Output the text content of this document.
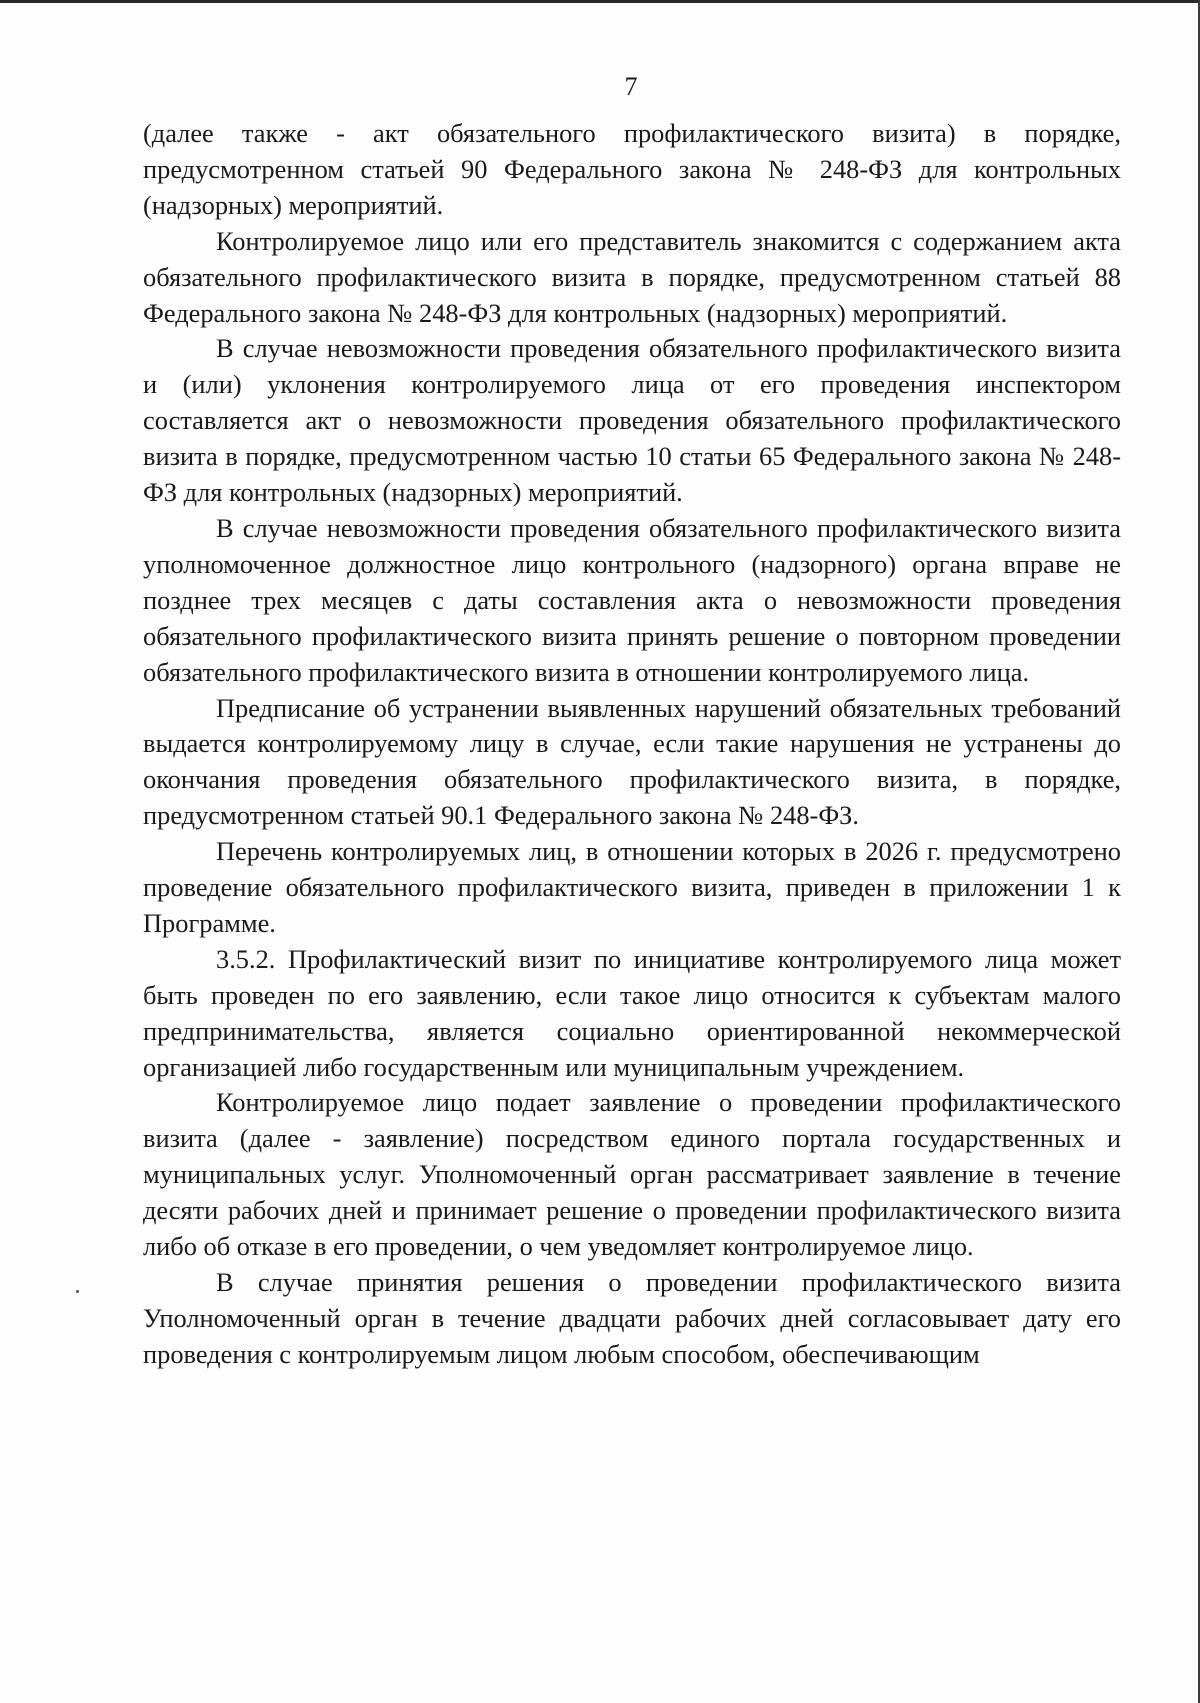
7

(далее также - акт обязательного профилактического визита) в порядке, предусмотренном статьей 90 Федерального закона № 248-ФЗ для контрольных (надзорных) мероприятий.

Контролируемое лицо или его представитель знакомится с содержанием акта обязательного профилактического визита в порядке, предусмотренном статьей 88 Федерального закона № 248-ФЗ для контрольных (надзорных) мероприятий.

В случае невозможности проведения обязательного профилактического визита и (или) уклонения контролируемого лица от его проведения инспектором составляется акт о невозможности проведения обязательного профилактического визита в порядке, предусмотренном частью 10 статьи 65 Федерального закона № 248-ФЗ для контрольных (надзорных) мероприятий.

В случае невозможности проведения обязательного профилактического визита уполномоченное должностное лицо контрольного (надзорного) органа вправе не позднее трех месяцев с даты составления акта о невозможности проведения обязательного профилактического визита принять решение о повторном проведении обязательного профилактического визита в отношении контролируемого лица.

Предписание об устранении выявленных нарушений обязательных требований выдается контролируемому лицу в случае, если такие нарушения не устранены до окончания проведения обязательного профилактического визита, в порядке, предусмотренном статьей 90.1 Федерального закона № 248-ФЗ.

Перечень контролируемых лиц, в отношении которых в 2026 г. предусмотрено проведение обязательного профилактического визита, приведен в приложении 1 к Программе.

3.5.2. Профилактический визит по инициативе контролируемого лица может быть проведен по его заявлению, если такое лицо относится к субъектам малого предпринимательства, является социально ориентированной некоммерческой организацией либо государственным или муниципальным учреждением.

Контролируемое лицо подает заявление о проведении профилактического визита (далее - заявление) посредством единого портала государственных и муниципальных услуг. Уполномоченный орган рассматривает заявление в течение десяти рабочих дней и принимает решение о проведении профилактического визита либо об отказе в его проведении, о чем уведомляет контролируемое лицо.

В случае принятия решения о проведении профилактического визита Уполномоченный орган в течение двадцати рабочих дней согласовывает дату его проведения с контролируемым лицом любым способом, обеспечивающим
